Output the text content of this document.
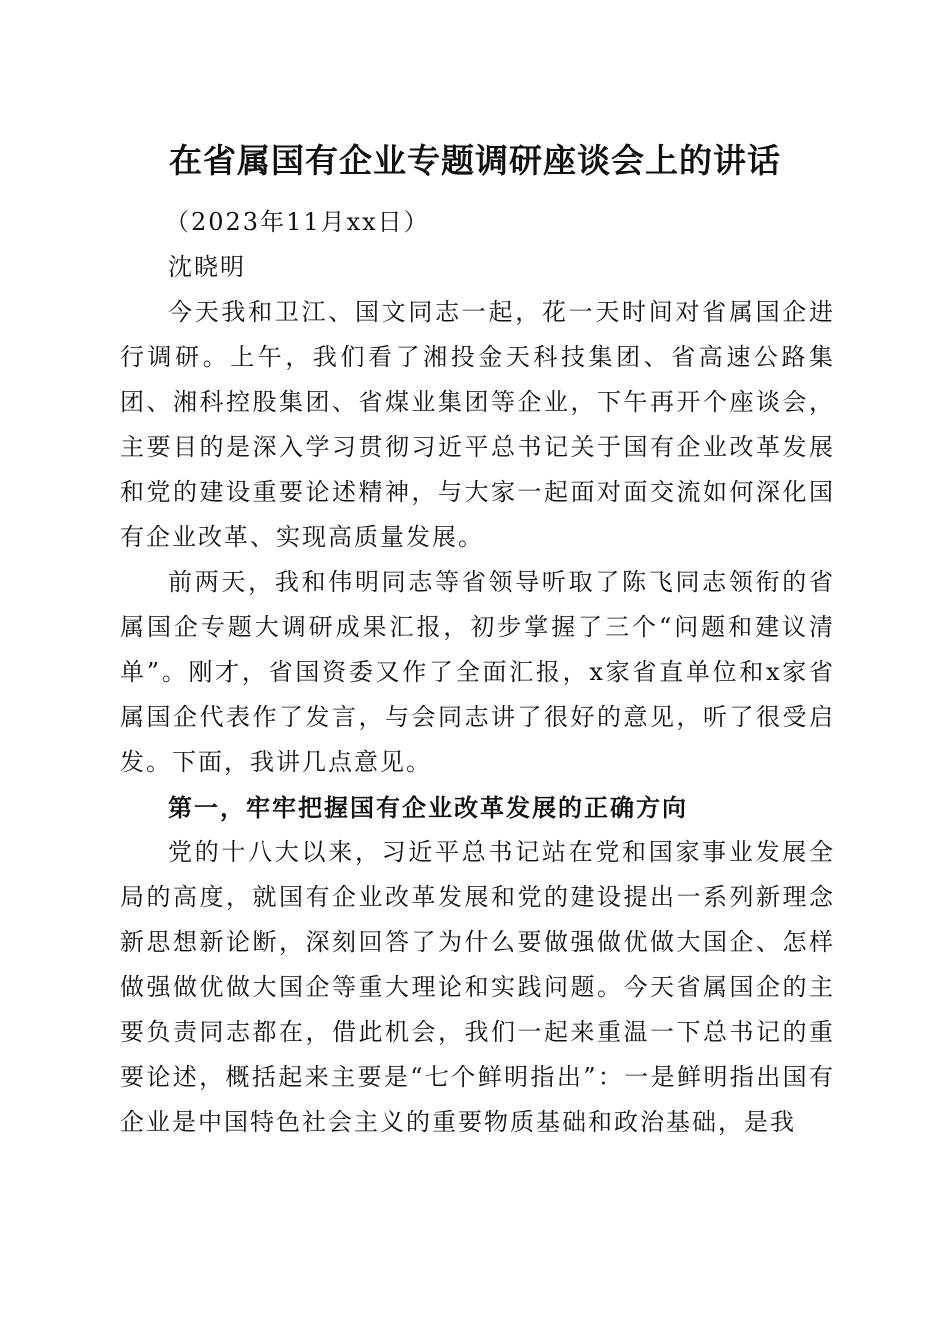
在省属国有企业专题调研座谈会上的讲话

（2023年11月xx日）

沈晓明

今天我和卫江、国文同志一起，花一天时间对省属国企进行调研。上午，我们看了湘投金天科技集团、省高速公路集团、湘科控股集团、省煤业集团等企业，下午再开个座谈会，主要目的是深入学习贯彻习近平总书记关于国有企业改革发展和党的建设重要论述精神，与大家一起面对面交流如何深化国有企业改革、实现高质量发展。

前两天，我和伟明同志等省领导听取了陈飞同志领衔的省属国企专题大调研成果汇报，初步掌握了三个“问题和建议清单”。刚才，省国资委又作了全面汇报，x家省直单位和x家省属国企代表作了发言，与会同志讲了很好的意见，听了很受启发。下面，我讲几点意见。

第一，牢牢把握国有企业改革发展的正确方向

党的十八大以来，习近平总书记站在党和国家事业发展全局的高度，就国有企业改革发展和党的建设提出一系列新理念新思想新论断，深刻回答了为什么要做强做优做大国企、怎样做强做优做大国企等重大理论和实践问题。今天省属国企的主要负责同志都在，借此机会，我们一起来重温一下总书记的重要论述，概括起来主要是“七个鲜明指出”：一是鲜明指出国有企业是中国特色社会主义的重要物质基础和政治基础，是我
